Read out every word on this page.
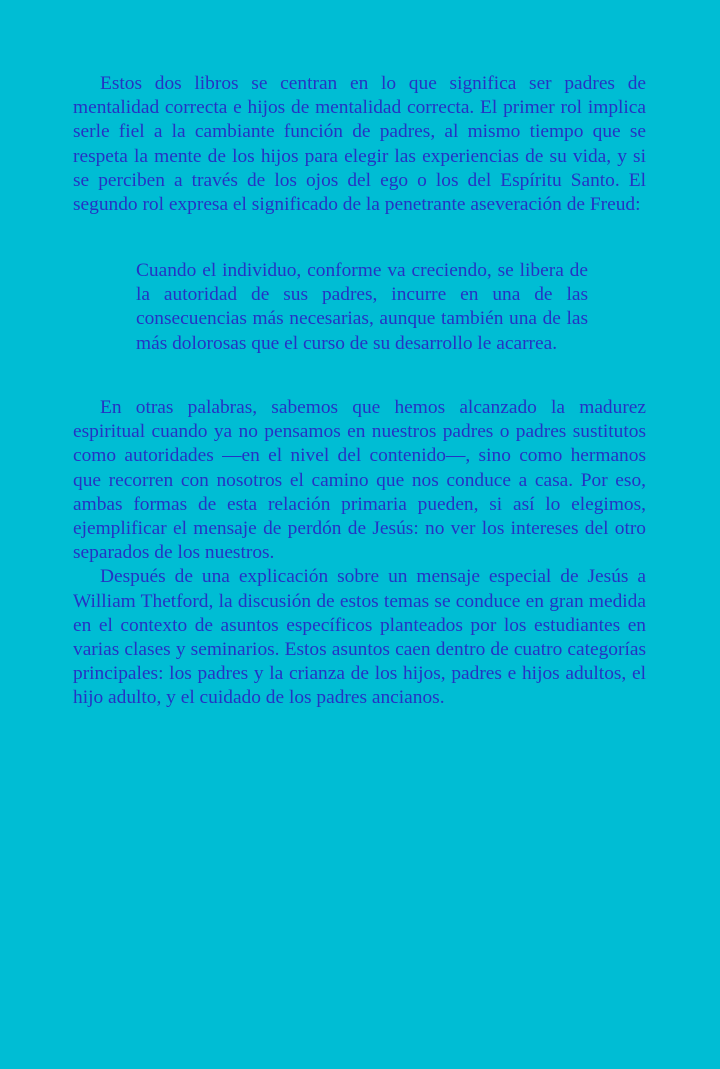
Estos dos libros se centran en lo que significa ser padres de mentalidad correcta e hijos de mentalidad correcta. El primer rol implica serle fiel a la cambiante función de padres, al mismo tiempo que se respeta la mente de los hijos para elegir las experiencias de su vida, y si se perciben a través de los ojos del ego o los del Espíritu Santo. El segundo rol expresa el significado de la penetrante aseveración de Freud:

Cuando el individuo, conforme va creciendo, se libera de la autoridad de sus padres, incurre en una de las consecuencias más necesarias, aunque también una de las más dolorosas que el curso de su desarrollo le acarrea.

En otras palabras, sabemos que hemos alcanzado la madurez espiritual cuando ya no pensamos en nuestros padres o padres sustitutos como autoridades —en el nivel del contenido—, sino como hermanos que recorren con nosotros el camino que nos conduce a casa. Por eso, ambas formas de esta relación primaria pueden, si así lo elegimos, ejemplificar el mensaje de perdón de Jesús: no ver los intereses del otro separados de los nuestros.

Después de una explicación sobre un mensaje especial de Jesús a William Thetford, la discusión de estos temas se conduce en gran medida en el contexto de asuntos específicos planteados por los estudiantes en varias clases y seminarios. Estos asuntos caen dentro de cuatro categorías principales: los padres y la crianza de los hijos, padres e hijos adultos, el hijo adulto, y el cuidado de los padres ancianos.
